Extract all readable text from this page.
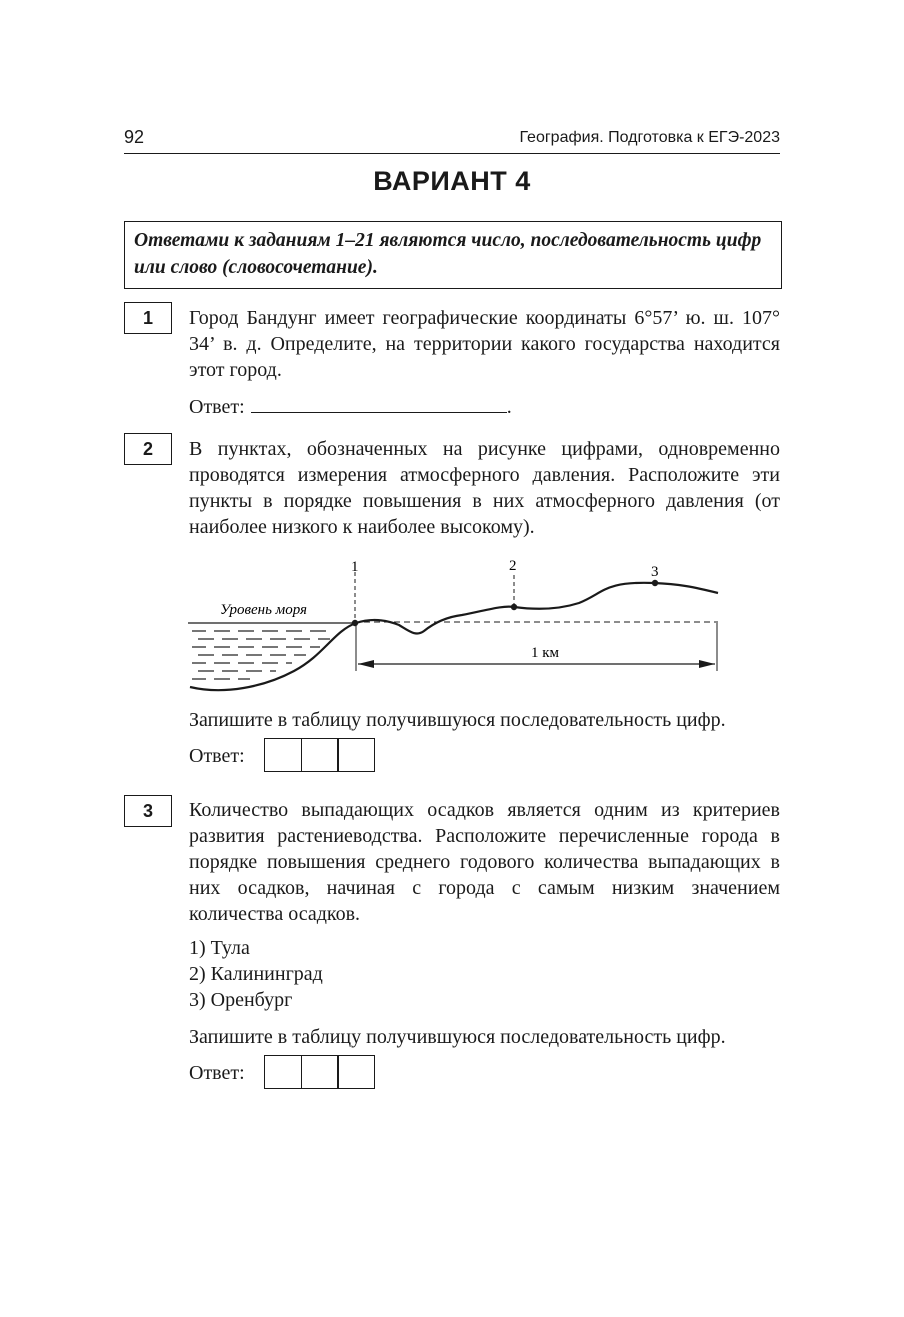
92	География. Подготовка к ЕГЭ-2023
ВАРИАНТ 4
Ответами к заданиям 1–21 являются число, последовательность цифр или слово (словосочетание).
1	Город Бандунг имеет географические координаты 6°57’ ю. ш. 107° 34’ в. д. Определите, на территории какого государства находится этот город.
Ответ:	.
2	В пунктах, обозначенных на рисунке цифрами, одновременно проводятся измерения атмосферного давления. Расположите эти пункты в порядке повышения в них атмосферного давления (от наиболее низкого к наиболее высокому).
1	2	3
Уровень моря
1 км
Запишите в таблицу получившуюся последовательность цифр.
Ответ:
3	Количество выпадающих осадков является одним из критериев развития растениеводства. Расположите перечисленные города в порядке повышения среднего годового количества выпадающих в них осадков, начиная с города с самым низким значением количества осадков.
1) Тула
2) Калининград
3) Оренбург
Запишите в таблицу получившуюся последовательность цифр.
Ответ:
